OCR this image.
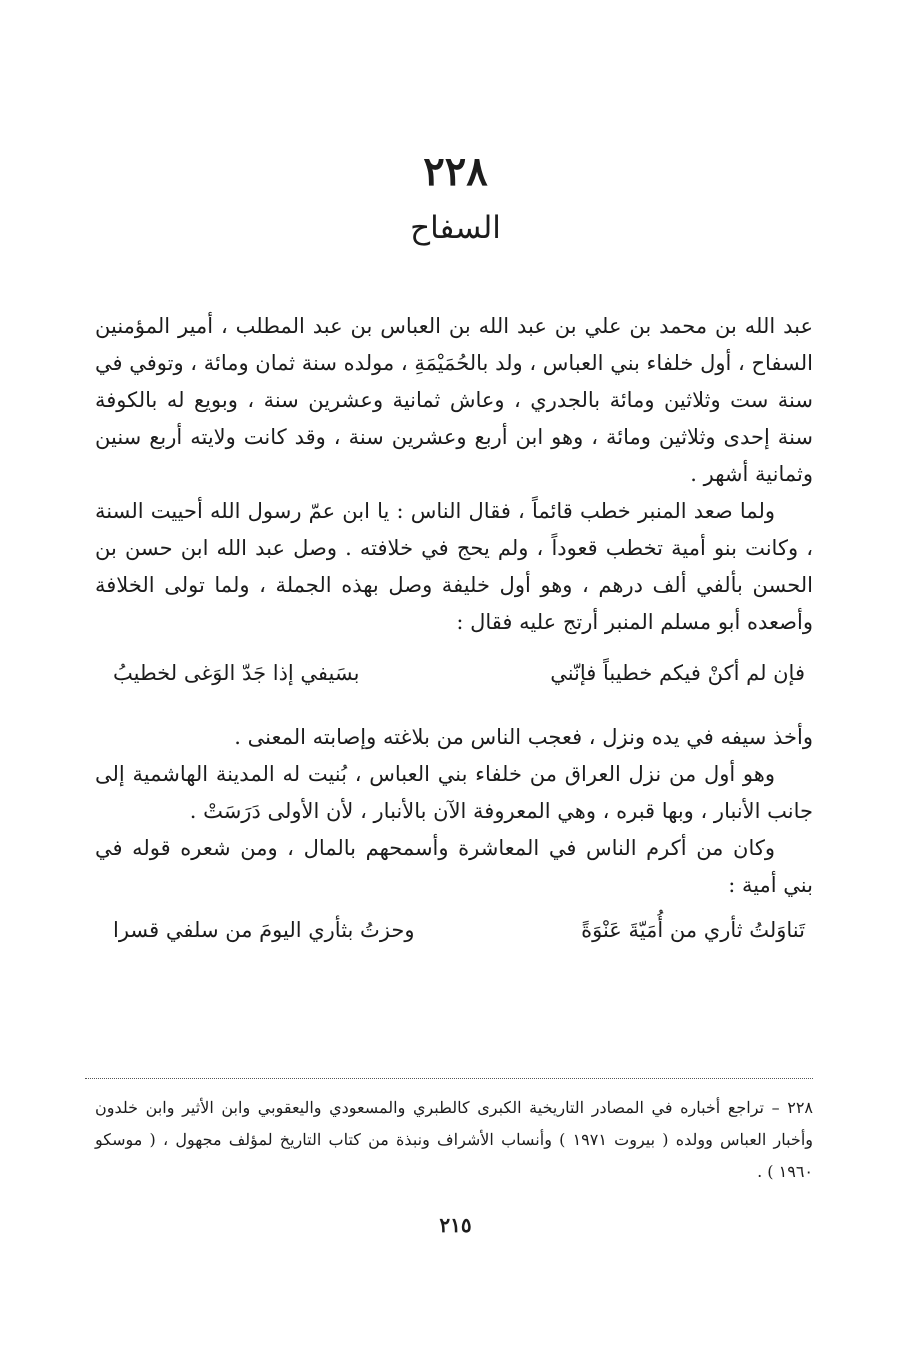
٢٢٨
السفاح

عبد الله بن محمد بن علي بن عبد الله بن العباس بن عبد المطلب ، أمير المؤمنين السفاح ، أول خلفاء بني العباس ، ولد بالحُمَيْمَةِ ، مولده سنة ثمان ومائة ، وتوفي في سنة ست وثلاثين ومائة بالجدري ، وعاش ثمانية وعشرين سنة ، وبويع له بالكوفة سنة إحدى وثلاثين ومائة ، وهو ابن أربع وعشرين سنة ، وقد كانت ولايته أربع سنين وثمانية أشهر .

ولما صعد المنبر خطب قائماً ، فقال الناس : يا ابن عمّ رسول الله أحييت السنة ، وكانت بنو أمية تخطب قعوداً ، ولم يحج في خلافته . وصل عبد الله ابن حسن بن الحسن بألفي ألف درهم ، وهو أول خليفة وصل بهذه الجملة ، ولما تولى الخلافة وأصعده أبو مسلم المنبر أرتج عليه فقال :

فإن لم أكنْ فيكم خطيباً فإنّني
بسَيفي إذا جَدّ الوَغى لخطيبُ

وأخذ سيفه في يده ونزل ، فعجب الناس من بلاغته وإصابته المعنى .

وهو أول من نزل العراق من خلفاء بني العباس ، بُنيت له المدينة الهاشمية إلى جانب الأنبار ، وبها قبره ، وهي المعروفة الآن بالأنبار ، لأن الأولى دَرَسَتْ .

وكان من أكرم الناس في المعاشرة وأسمحهم بالمال ، ومن شعره قوله في بني أمية :

تَناوَلتُ ثأري من أُمَيّةَ عَنْوَةً
وحزتُ بثأري اليومَ من سلفي قسرا

٢٢٨ – تراجع أخباره في المصادر التاريخية الكبرى كالطبري والمسعودي واليعقوبي وابن الأثير وابن خلدون وأخبار العباس وولده ( بيروت ١٩٧١ ) وأنساب الأشراف ونبذة من كتاب التاريخ لمؤلف مجهول ، ( موسكو ١٩٦٠ ) .

٢١٥
